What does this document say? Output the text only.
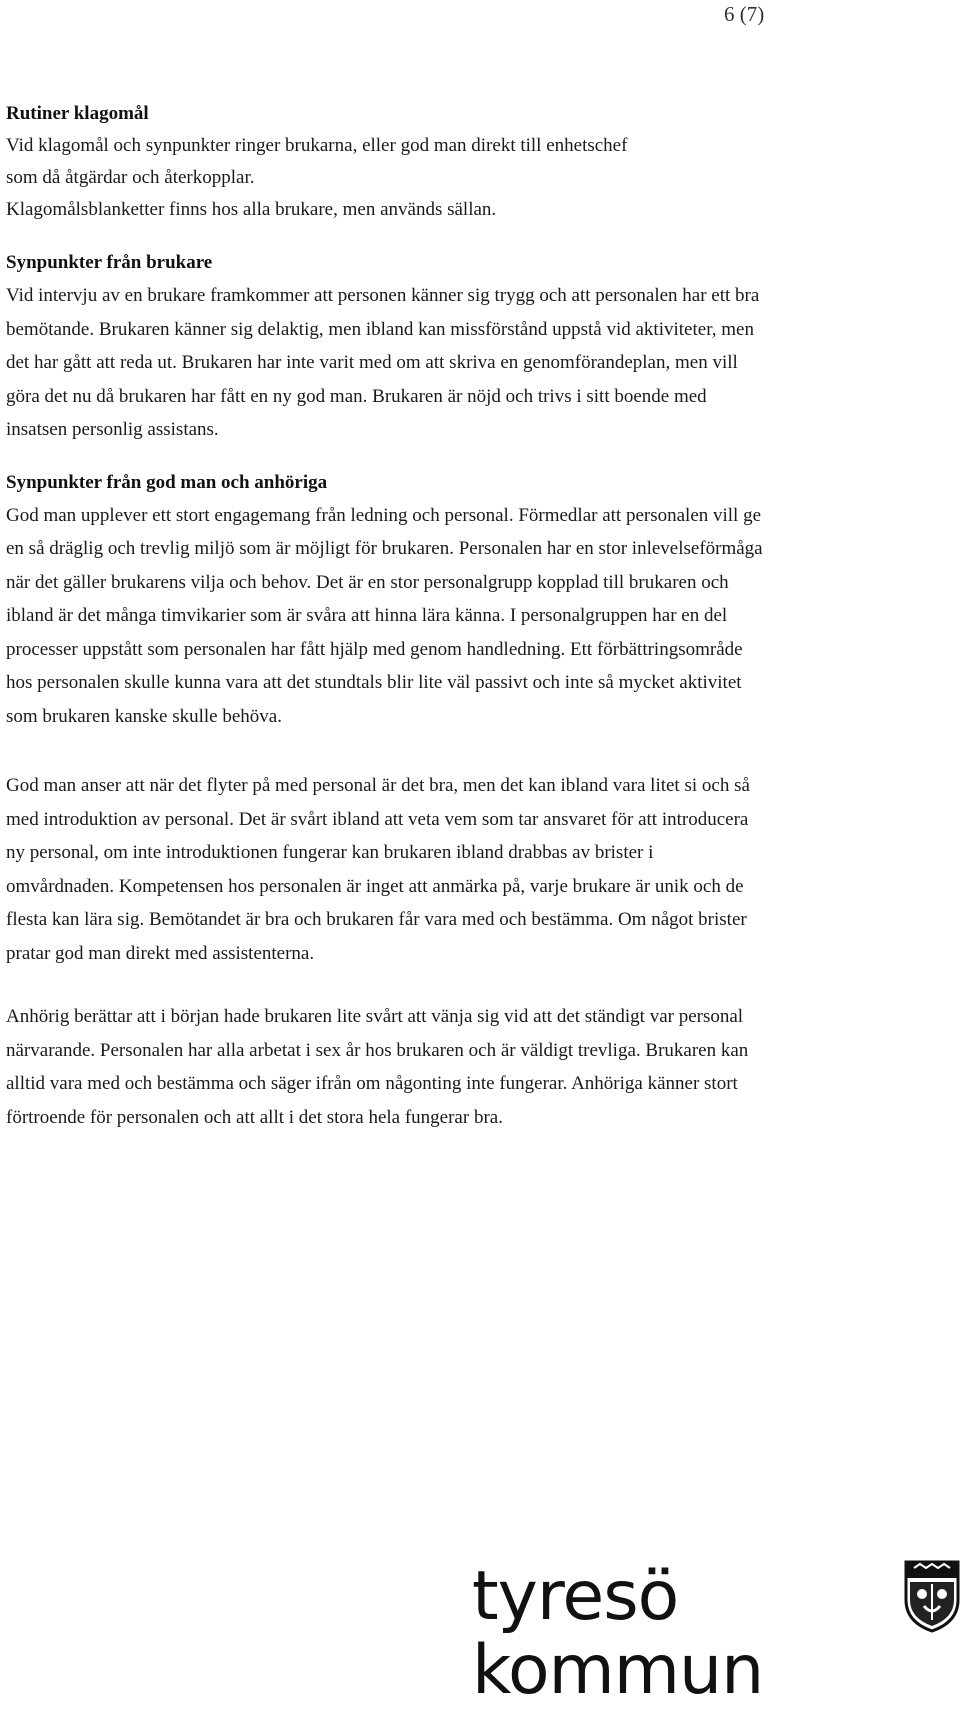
6 (7)
Rutiner klagomål

Vid klagomål och synpunkter ringer brukarna, eller god man direkt till enhetschef

som då åtgärdar och återkopplar.

Klagomålsblanketter finns hos alla brukare, men används sällan.

Synpunkter från brukare

Vid intervju av en brukare framkommer att personen känner sig trygg och att personalen har ett bra bemötande. Brukaren känner sig delaktig, men ibland kan missförstånd uppstå vid aktiviteter, men det har gått att reda ut. Brukaren har inte varit med om att skriva en genomförandeplan, men vill göra det nu då brukaren har fått en ny god man. Brukaren är nöjd och trivs i sitt boende med insatsen personlig assistans.

Synpunkter från god man och anhöriga

God man upplever ett stort engagemang från ledning och personal. Förmedlar att personalen vill ge en så dräglig och trevlig miljö som är möjligt för brukaren. Personalen har en stor inlevelseförmåga när det gäller brukarens vilja och behov. Det är en stor personalgrupp kopplad till brukaren och ibland är det många timvikarier som är svåra att hinna lära känna. I personalgruppen har en del processer uppstått som personalen har fått hjälp med genom handledning. Ett förbättringsområde hos personalen skulle kunna vara att det stundtals blir lite väl passivt och inte så mycket aktivitet som brukaren kanske skulle behöva.

God man anser att när det flyter på med personal är det bra, men det kan ibland vara litet si och så med introduktion av personal. Det är svårt ibland att veta vem som tar ansvaret för att introducera ny personal, om inte introduktionen fungerar kan brukaren ibland drabbas av brister i omvårdnaden. Kompetensen hos personalen är inget att anmärka på, varje brukare är unik och de flesta kan lära sig. Bemötandet är bra och brukaren får vara med och bestämma. Om något brister pratar god man direkt med assistenterna.

Anhörig berättar att i början hade brukaren lite svårt att vänja sig vid att det ständigt var personal närvarande. Personalen har alla arbetat i sex år hos brukaren och är väldigt trevliga. Brukaren kan alltid vara med och bestämma och säger ifrån om någonting inte fungerar. Anhöriga känner stort förtroende för personalen och att allt i det stora hela fungerar bra.

tyresö kommun
